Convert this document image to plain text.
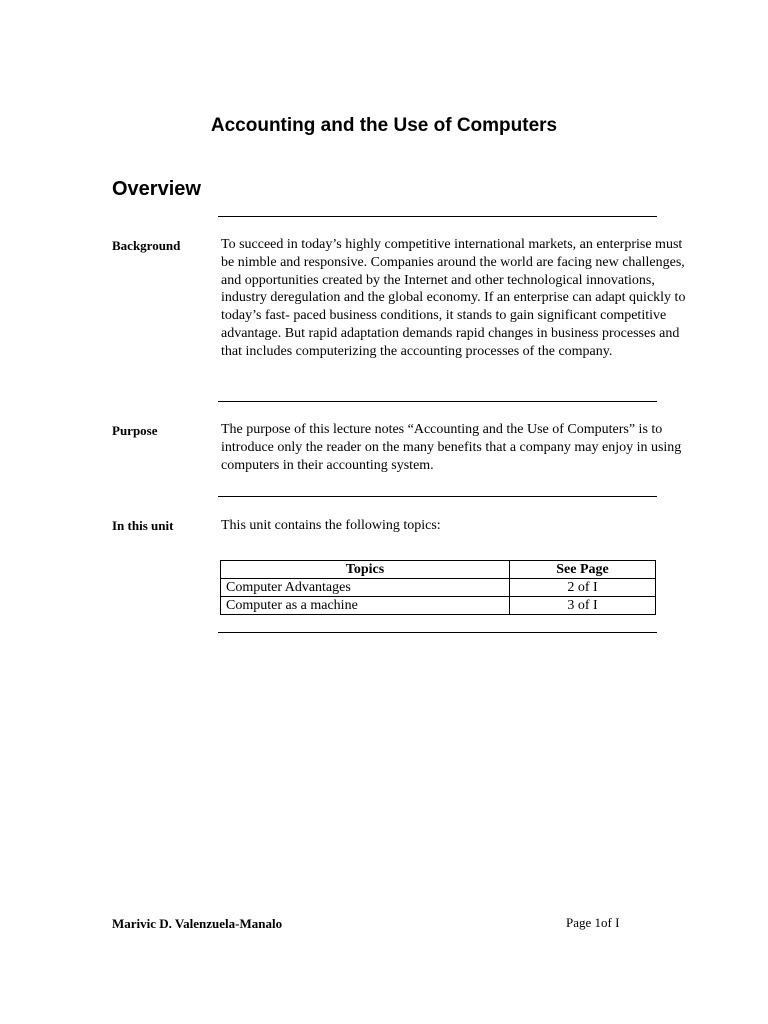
Accounting and the Use of Computers
Overview
Background	To succeed in today’s highly competitive international markets, an enterprise must be nimble and responsive. Companies around the world are facing new challenges, and opportunities created by the Internet and other technological innovations, industry deregulation and the global economy. If an enterprise can adapt quickly to today’s fast- paced business conditions, it stands to gain significant competitive advantage. But rapid adaptation demands rapid changes in business processes and that includes computerizing the accounting processes of the company.

Purpose	The purpose of this lecture notes “Accounting and the Use of Computers” is to introduce only the reader on the many benefits that a company may enjoy in using computers in their accounting system.

In this unit	This unit contains the following topics:

Topics	See Page
Computer Advantages	2 of I
Computer as a machine	3 of I
Marivic D. Valenzuela-Manalo	Page 1of I
